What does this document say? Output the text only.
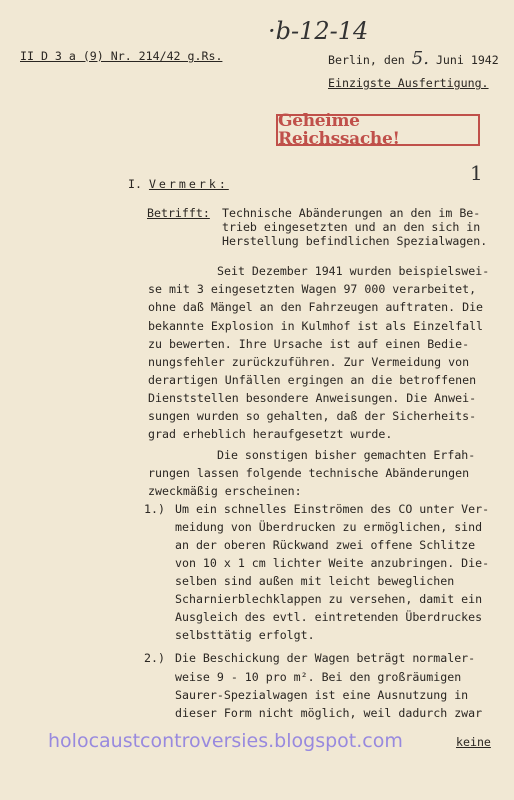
II D 3 a (9) Nr. 214/42 g.Rs.
·b-12-14
Berlin, den 5. Juni 1942
Einzigste Ausfertigung.
Geheime Reichssache!
1
I. Vermerk:
Betrifft: Technische Abänderungen an den im Be-
trieb eingesetzten und an den sich in
Herstellung befindlichen Spezialwagen.
Seit Dezember 1941 wurden beispielswei-
se mit 3 eingesetzten Wagen 97 000 verarbeitet,
ohne daß Mängel an den Fahrzeugen auftraten. Die
bekannte Explosion in Kulmhof ist als Einzelfall
zu bewerten. Ihre Ursache ist auf einen Bedie-
nungsfehler zurückzuführen. Zur Vermeidung von
derartigen Unfällen ergingen an die betroffenen
Dienststellen besondere Anweisungen. Die Anwei-
sungen wurden so gehalten, daß der Sicherheits-
grad erheblich heraufgesetzt wurde.
Die sonstigen bisher gemachten Erfah-
rungen lassen folgende technische Abänderungen
zweckmäßig erscheinen:
1.) Um ein schnelles Einströmen des CO unter Ver-
meidung von Überdrucken zu ermöglichen, sind
an der oberen Rückwand zwei offene Schlitze
von 10 x 1 cm lichter Weite anzubringen. Die-
selben sind außen mit leicht beweglichen
Scharnierblechklappen zu versehen, damit ein
Ausgleich des evtl. eintretenden Überdruckes
selbsttätig erfolgt.
2.) Die Beschickung der Wagen beträgt normaler-
weise 9 - 10 pro m². Bei den großräumigen
Saurer-Spezialwagen ist eine Ausnutzung in
dieser Form nicht möglich, weil dadurch zwar
keine
holocaustcontroversies.blogspot.com
